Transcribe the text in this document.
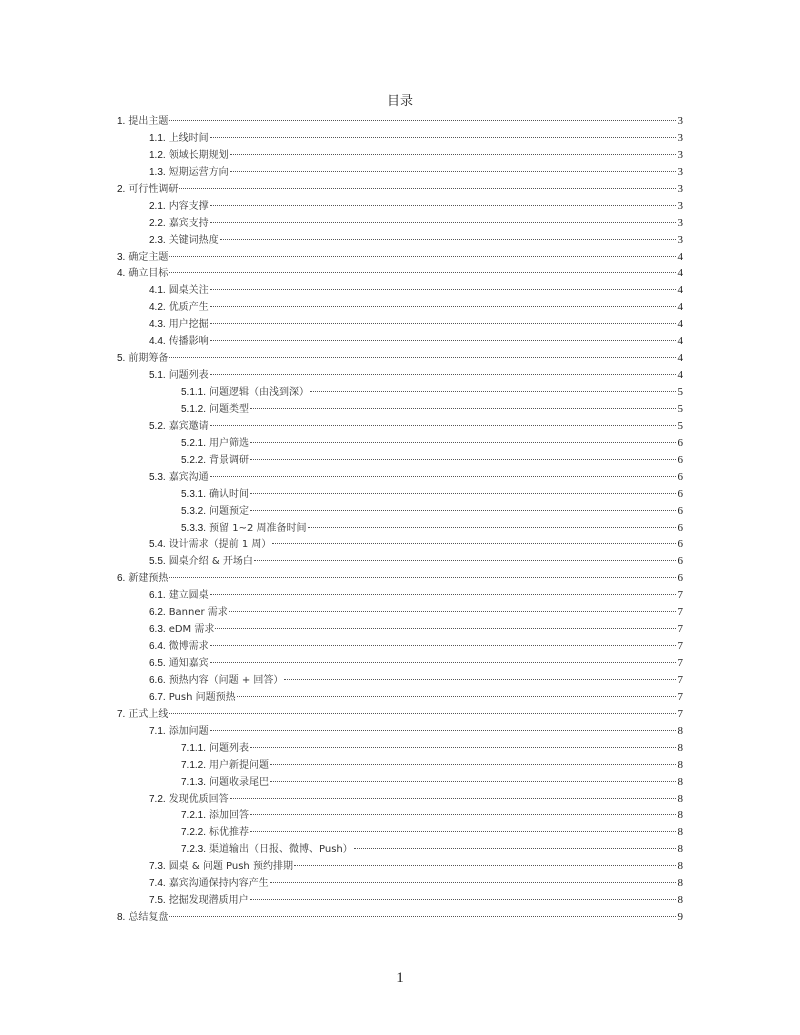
目录
1. 提出主题	3
1.1. 上线时间	3
1.2. 领域长期规划	3
1.3. 短期运营方向	3
2. 可行性调研	3
2.1. 内容支撑	3
2.2. 嘉宾支持	3
2.3. 关键词热度	3
3. 确定主题	4
4. 确立目标	4
4.1. 圆桌关注	4
4.2. 优质产生	4
4.3. 用户挖掘	4
4.4. 传播影响	4
5. 前期筹备	4
5.1. 问题列表	4
5.1.1. 问题逻辑（由浅到深）	5
5.1.2. 问题类型	5
5.2. 嘉宾邀请	5
5.2.1. 用户筛选	6
5.2.2. 背景调研	6
5.3. 嘉宾沟通	6
5.3.1. 确认时间	6
5.3.2. 问题预定	6
5.3.3. 预留 1~2 周准备时间	6
5.4. 设计需求（提前 1 周）	6
5.5. 圆桌介绍 & 开场白	6
6. 新建预热	6
6.1. 建立圆桌	7
6.2. Banner 需求	7
6.3. eDM 需求	7
6.4. 微博需求	7
6.5. 通知嘉宾	7
6.6. 预热内容（问题 + 回答）	7
6.7. Push 问题预热	7
7. 正式上线	7
7.1. 添加问题	8
7.1.1. 问题列表	8
7.1.2. 用户新提问题	8
7.1.3. 问题收录尾巴	8
7.2. 发现优质回答	8
7.2.1. 添加回答	8
7.2.2. 标优推荐	8
7.2.3. 渠道输出（日报、微博、Push）	8
7.3. 圆桌 & 问题 Push 预约排期	8
7.4. 嘉宾沟通保持内容产生	8
7.5. 挖掘发现潜质用户	8
8. 总结复盘	9
1
